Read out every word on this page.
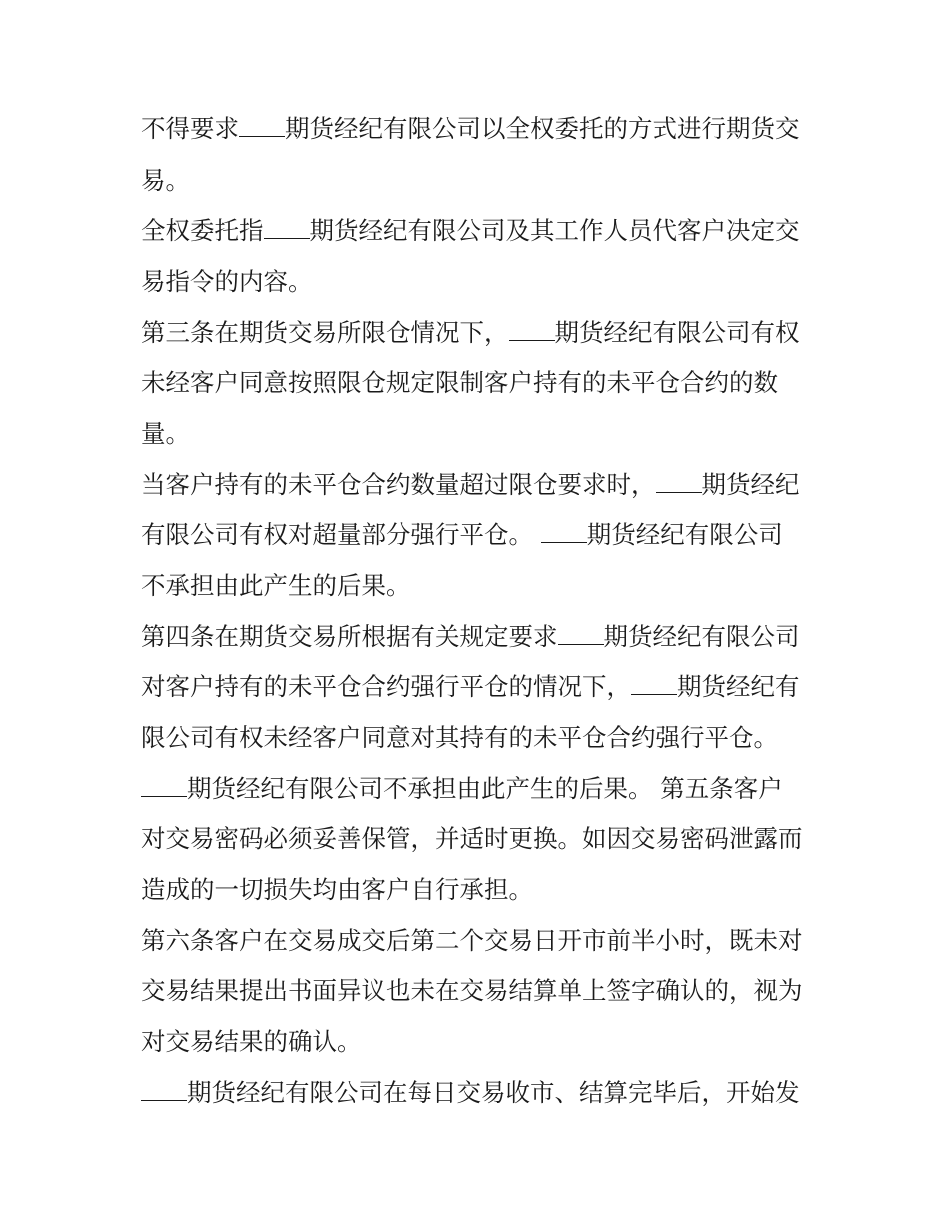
不得要求 期货经纪有限公司以全权委托的方式进行期货交
易。
全权委托指 期货经纪有限公司及其工作人员代客户决定交
易指令的内容。
第三条在期货交易所限仓情况下， 期货经纪有限公司有权
未经客户同意按照限仓规定限制客户持有的未平仓合约的数
量。
当客户持有的未平仓合约数量超过限仓要求时， 期货经纪
有限公司有权对超量部分强行平仓。 期货经纪有限公司
不承担由此产生的后果。
第四条在期货交易所根据有关规定要求 期货经纪有限公司
对客户持有的未平仓合约强行平仓的情况下， 期货经纪有
限公司有权未经客户同意对其持有的未平仓合约强行平仓。
期货经纪有限公司不承担由此产生的后果。 第五条客户
对交易密码必须妥善保管，并适时更换。如因交易密码泄露而
造成的一切损失均由客户自行承担。
第六条客户在交易成交后第二个交易日开市前半小时，既未对
交易结果提出书面异议也未在交易结算单上签字确认的，视为
对交易结果的确认。
期货经纪有限公司在每日交易收市、结算完毕后，开始发
